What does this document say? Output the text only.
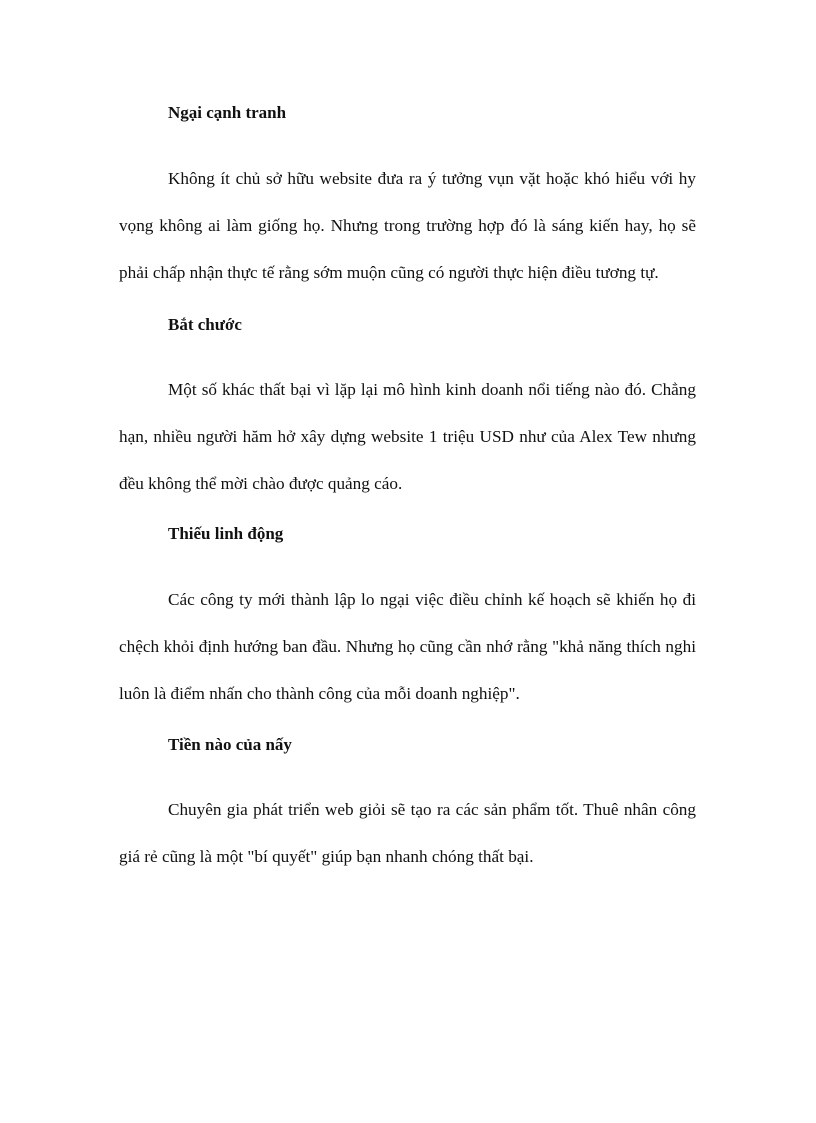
Ngại cạnh tranh

Không ít chủ sở hữu website đưa ra ý tưởng vụn vặt hoặc khó hiểu với hy vọng không ai làm giống họ. Nhưng trong trường hợp đó là sáng kiến hay, họ sẽ phải chấp nhận thực tế rằng sớm muộn cũng có người thực hiện điều tương tự.

Bắt chước

Một số khác thất bại vì lặp lại mô hình kinh doanh nổi tiếng nào đó. Chẳng hạn, nhiều người hăm hở xây dựng website 1 triệu USD như của Alex Tew nhưng đều không thể mời chào được quảng cáo.

Thiếu linh động

Các công ty mới thành lập lo ngại việc điều chỉnh kế hoạch sẽ khiến họ đi chệch khỏi định hướng ban đầu. Nhưng họ cũng cần nhớ rằng "khả năng thích nghi luôn là điểm nhấn cho thành công của mỗi doanh nghiệp".

Tiền nào của nấy

Chuyên gia phát triển web giỏi sẽ tạo ra các sản phẩm tốt. Thuê nhân công giá rẻ cũng là một "bí quyết" giúp bạn nhanh chóng thất bại.
